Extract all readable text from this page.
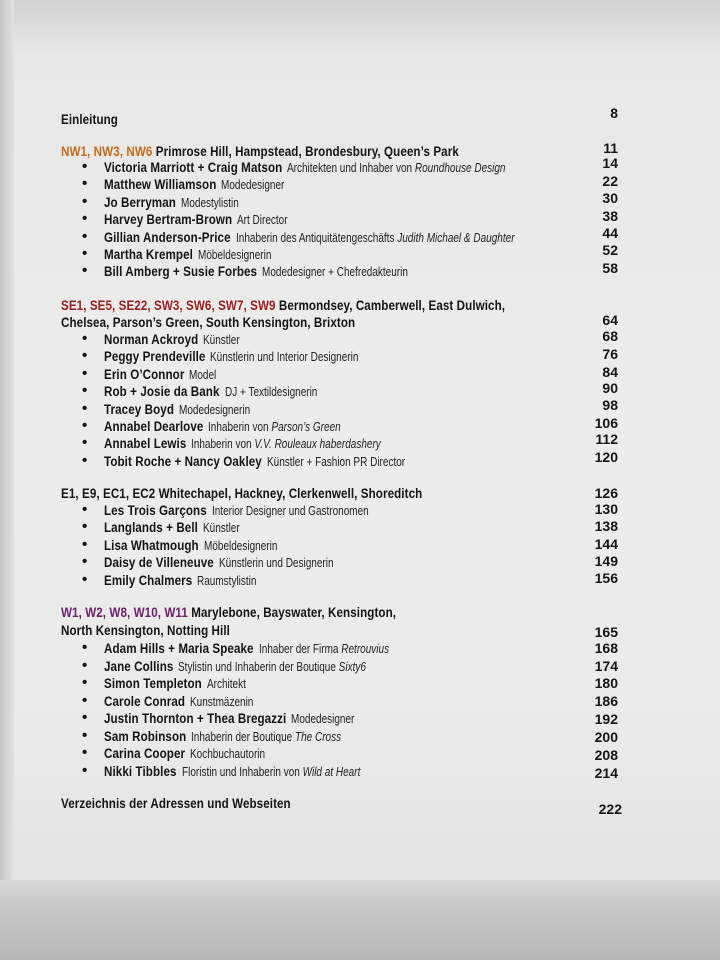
Einleitung	8
NW1, NW3, NW6 Primrose Hill, Hampstead, Brondesbury, Queen’s Park	11
• Victoria Marriott + Craig Matson Architekten und Inhaber von Roundhouse Design	14
• Matthew Williamson Modedesigner	22
• Jo Berryman Modestylistin	30
• Harvey Bertram-Brown Art Director	38
• Gillian Anderson-Price Inhaberin des Antiquitätengeschäfts Judith Michael & Daughter	44
• Martha Krempel Möbeldesignerin	52
• Bill Amberg + Susie Forbes Modedesigner + Chefredakteurin	58
SE1, SE5, SE22, SW3, SW6, SW7, SW9 Bermondsey, Camberwell, East Dulwich,
Chelsea, Parson’s Green, South Kensington, Brixton	64
• Norman Ackroyd Künstler	68
• Peggy Prendeville Künstlerin und Interior Designerin	76
• Erin O’Connor Model	84
• Rob + Josie da Bank DJ + Textildesignerin	90
• Tracey Boyd Modedesignerin	98
• Annabel Dearlove Inhaberin von Parson’s Green	106
• Annabel Lewis Inhaberin von V.V. Rouleaux haberdashery	112
• Tobit Roche + Nancy Oakley Künstler + Fashion PR Director	120
E1, E9, EC1, EC2 Whitechapel, Hackney, Clerkenwell, Shoreditch	126
• Les Trois Garçons Interior Designer und Gastronomen	130
• Langlands + Bell Künstler	138
• Lisa Whatmough Möbeldesignerin	144
• Daisy de Villeneuve Künstlerin und Designerin	149
• Emily Chalmers Raumstylistin	156
W1, W2, W8, W10, W11 Marylebone, Bayswater, Kensington,
North Kensington, Notting Hill	165
• Adam Hills + Maria Speake Inhaber der Firma Retrouvius	168
• Jane Collins Stylistin und Inhaberin der Boutique Sixty6	174
• Simon Templeton Architekt	180
• Carole Conrad Kunstmäzenin	186
• Justin Thornton + Thea Bregazzi Modedesigner	192
• Sam Robinson Inhaberin der Boutique The Cross	200
• Carina Cooper Kochbuchautorin	208
• Nikki Tibbles Floristin und Inhaberin von Wild at Heart	214
Verzeichnis der Adressen und Webseiten	222
